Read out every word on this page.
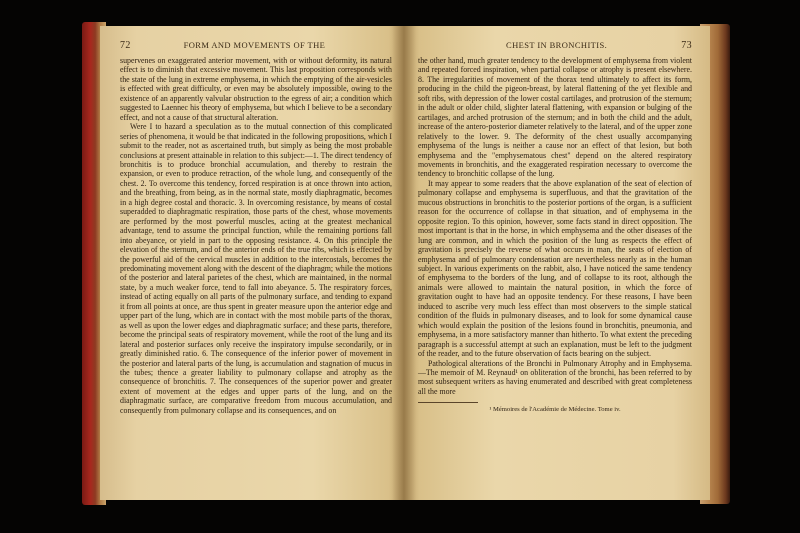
72	FORM AND MOVEMENTS OF THE

supervenes on exaggerated anterior movement, with or without deformity, its natural effect is to diminish that excessive movement. This last proposition corresponds with the state of the lung in extreme emphysema, in which the emptying of the air-vesicles is effected with great difficulty, or even may be absolutely impossible, owing to the existence of an apparently valvular obstruction to the egress of air; a condition which suggested to Laennec his theory of emphysema, but which I believe to be a secondary effect, and not a cause of that structural alteration.

Were I to hazard a speculation as to the mutual connection of this complicated series of phenomena, it would be that indicated in the following propositions, which I submit to the reader, not as ascertained truth, but simply as being the most probable conclusions at present attainable in relation to this subject:—1. The direct tendency of bronchitis is to produce bronchial accumulation, and thereby to restrain the expansion, or even to produce retraction, of the whole lung, and consequently of the chest. 2. To overcome this tendency, forced respiration is at once thrown into action, and the breathing, from being, as in the normal state, mostly diaphragmatic, becomes in a high degree costal and thoracic. 3. In overcoming resistance, by means of costal superadded to diaphragmatic respiration, those parts of the chest, whose movements are performed by the most powerful muscles, acting at the greatest mechanical advantage, tend to assume the principal function, while the remaining portions fall into abeyance, or yield in part to the opposing resistance. 4. On this principle the elevation of the sternum, and of the anterior ends of the true ribs, which is effected by the powerful aid of the cervical muscles in addition to the intercostals, becomes the predominating movement along with the descent of the diaphragm; while the motions of the posterior and lateral parietes of the chest, which are maintained, in the normal state, by a much weaker force, tend to fall into abeyance. 5. The respiratory forces, instead of acting equally on all parts of the pulmonary surface, and tending to expand it from all points at once, are thus spent in greater measure upon the anterior edge and upper part of the lung, which are in contact with the most mobile parts of the thorax, as well as upon the lower edges and diaphragmatic surface; and these parts, therefore, become the principal seats of respiratory movement, while the root of the lung and its lateral and posterior surfaces only receive the inspiratory impulse secondarily, or in greatly diminished ratio. 6. The consequence of the inferior power of movement in the posterior and lateral parts of the lung, is accumulation and stagnation of mucus in the tubes; thence a greater liability to pulmonary collapse and atrophy as the consequence of bronchitis. 7. The consequences of the superior power and greater extent of movement at the edges and upper parts of the lung, and on the diaphragmatic surface, are comparative freedom from mucous accumulation, and consequently from pulmonary collapse and its consequences, and on

CHEST IN BRONCHITIS.	73

the other hand, much greater tendency to the development of emphysema from violent and repeated forced inspiration, when partial collapse or atrophy is present elsewhere. 8. The irregularities of movement of the thorax tend ultimately to affect its form, producing in the child the pigeon-breast, by lateral flattening of the yet flexible and soft ribs, with depression of the lower costal cartilages, and protrusion of the sternum; in the adult or older child, slighter lateral flattening, with expansion or bulging of the cartilages, and arched protrusion of the sternum; and in both the child and the adult, increase of the antero-posterior diameter relatively to the lateral, and of the upper zone relatively to the lower. 9. The deformity of the chest usually accompanying emphysema of the lungs is neither a cause nor an effect of that lesion, but both emphysema and the "emphysematous chest" depend on the altered respiratory movements in bronchitis, and the exaggerated respiration necessary to overcome the tendency to bronchitic collapse of the lung.

It may appear to some readers that the above explanation of the seat of election of pulmonary collapse and emphysema is superfluous, and that the gravitation of the mucous obstructions in bronchitis to the posterior portions of the organ, is a sufficient reason for the occurrence of collapse in that situation, and of emphysema in the opposite region. To this opinion, however, some facts stand in direct opposition. The most important is that in the horse, in which emphysema and the other diseases of the lung are common, and in which the position of the lung as respects the effect of gravitation is precisely the reverse of what occurs in man, the seats of election of emphysema and of pulmonary condensation are nevertheless nearly as in the human subject. In various experiments on the rabbit, also, I have noticed the same tendency of emphysema to the borders of the lung, and of collapse to its root, although the animals were allowed to maintain the natural position, in which the force of gravitation ought to have had an opposite tendency. For these reasons, I have been induced to ascribe very much less effect than most observers to the simple statical condition of the fluids in pulmonary diseases, and to look for some dynamical cause which would explain the position of the lesions found in bronchitis, pneumonia, and emphysema, in a more satisfactory manner than hitherto. To what extent the preceding paragraph is a successful attempt at such an explanation, must be left to the judgment of the reader, and to the future observation of facts bearing on the subject.

Pathological alterations of the Bronchi in Pulmonary Atrophy and in Emphysema.—The memoir of M. Reynaud¹ on obliteration of the bronchi, has been referred to by most subsequent writers as having enumerated and described with great completeness all the more

¹ Mémoires de l'Académie de Médecine. Tome iv.
